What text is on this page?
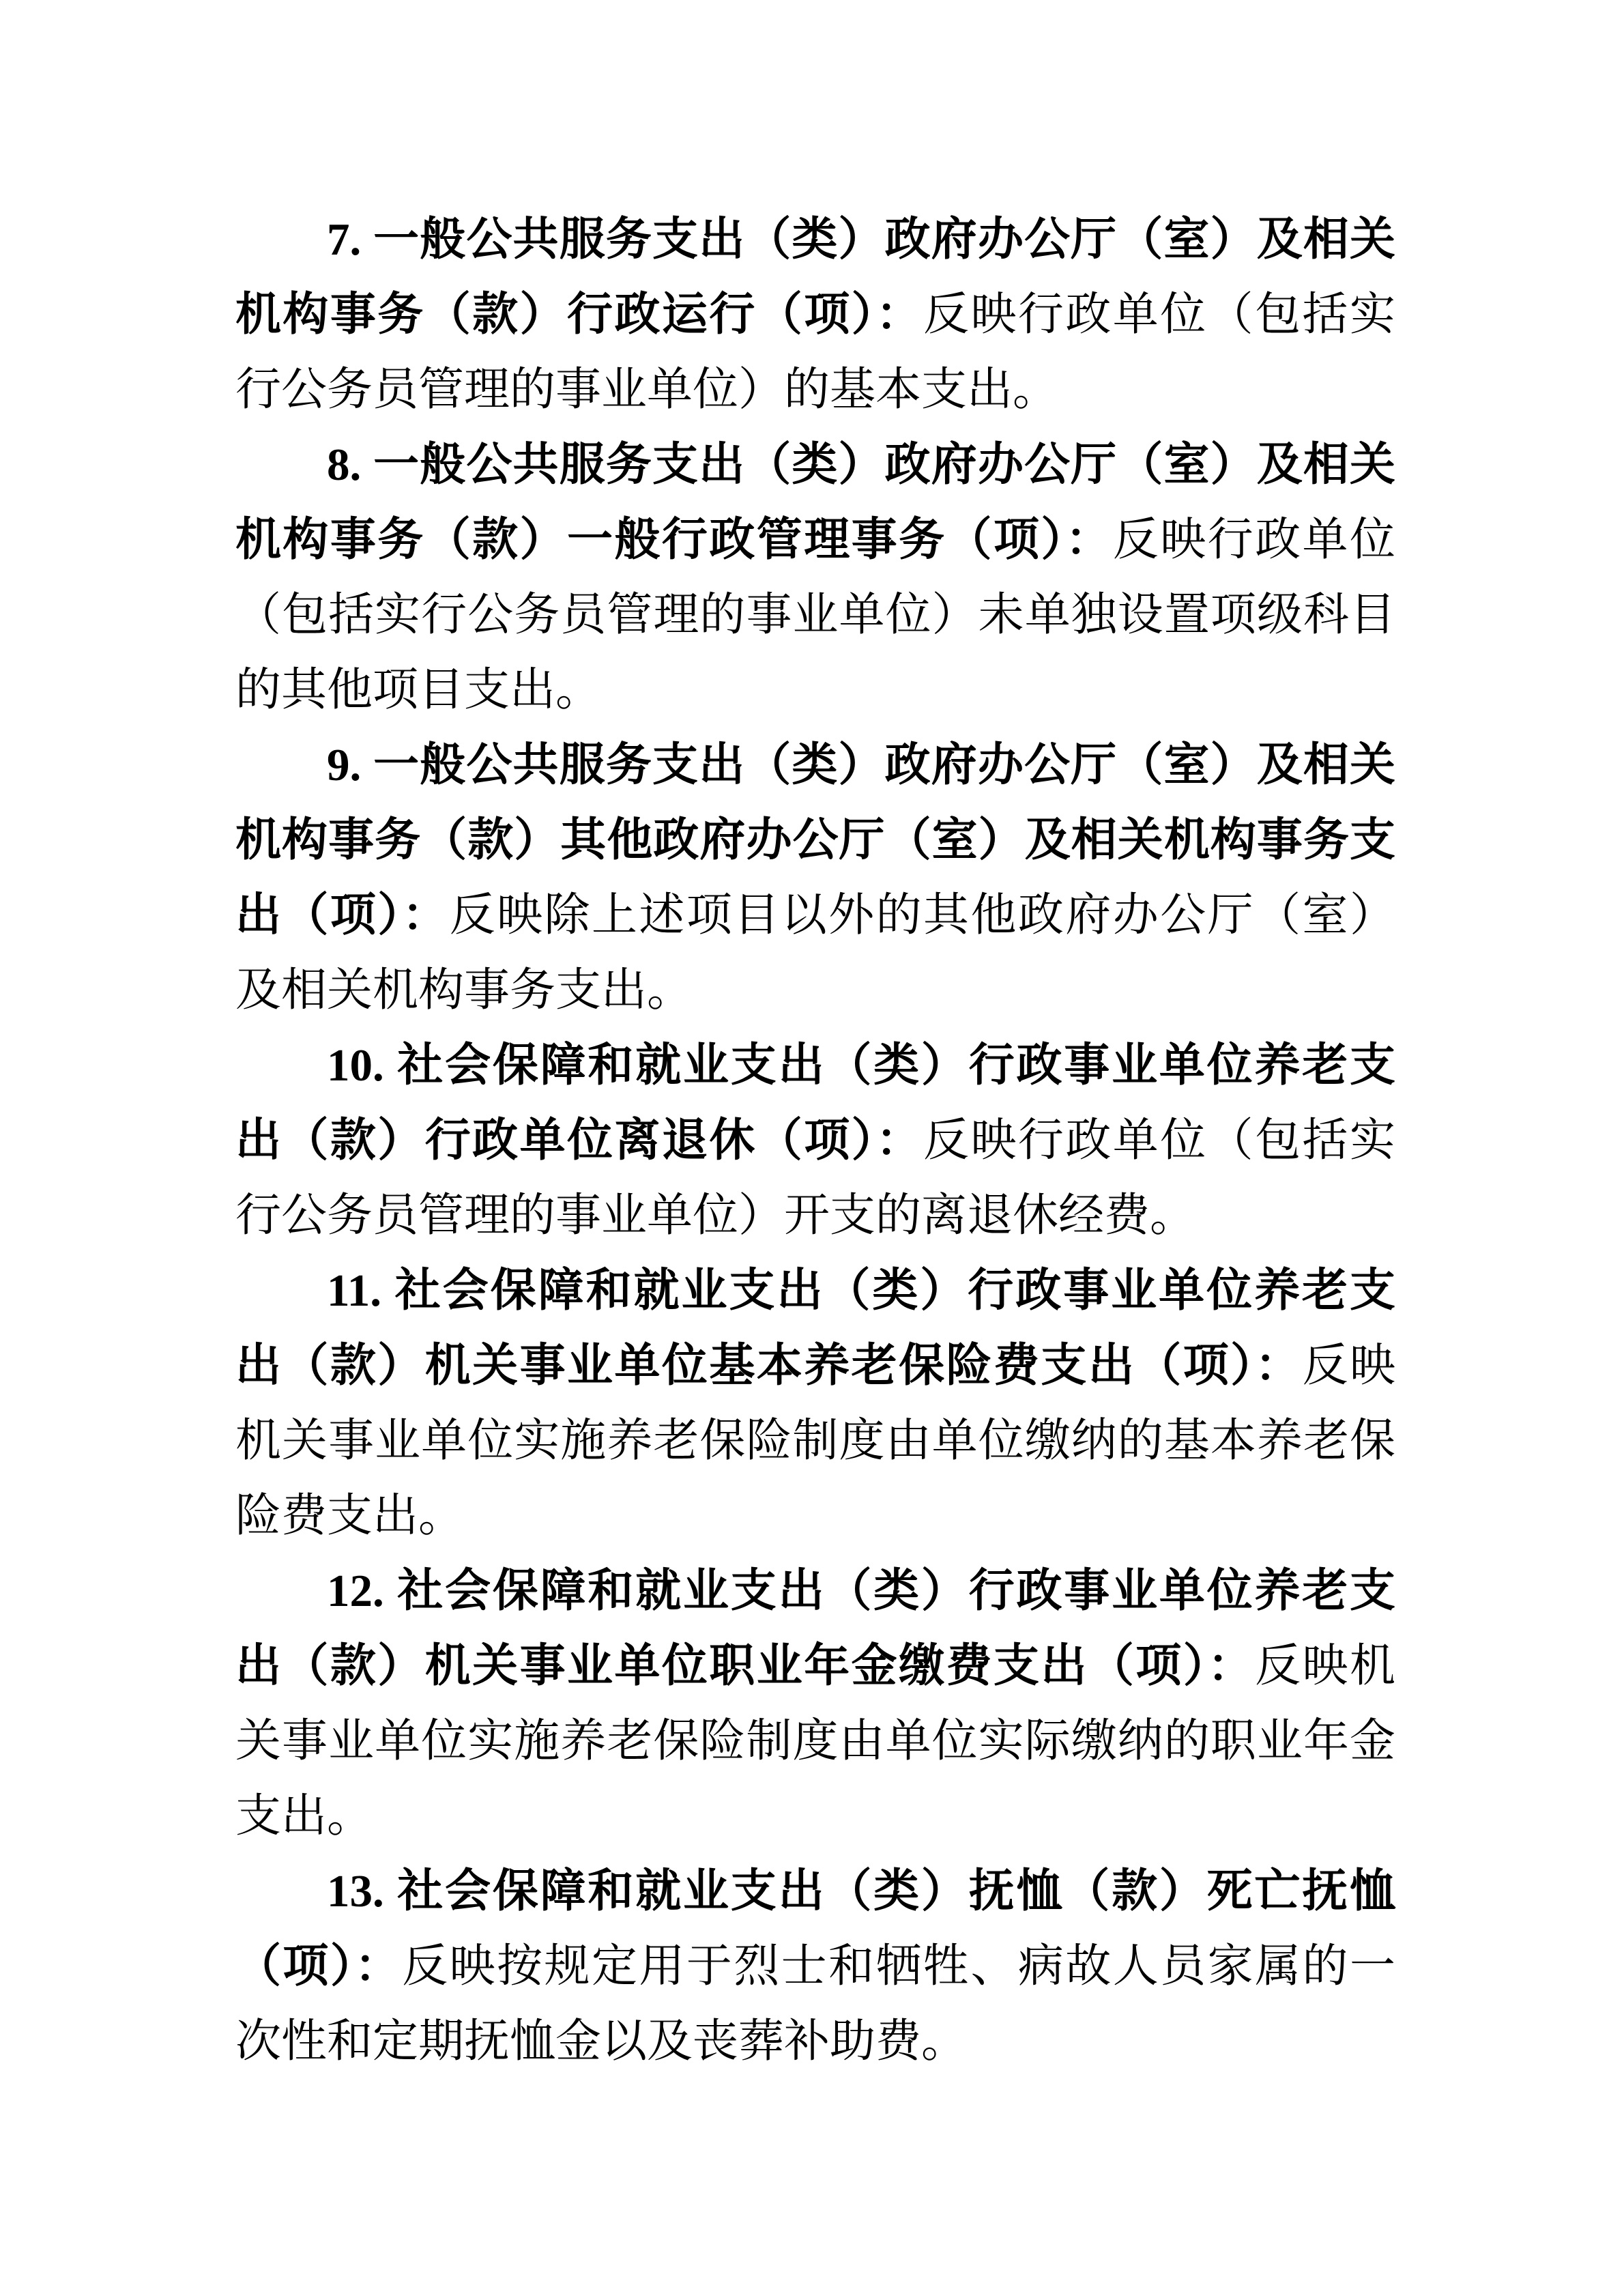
7. 一般公共服务支出（类）政府办公厅（室）及相关机构事务（款）行政运行（项）：反映行政单位（包括实行公务员管理的事业单位）的基本支出。

8. 一般公共服务支出（类）政府办公厅（室）及相关机构事务（款）一般行政管理事务（项）：反映行政单位（包括实行公务员管理的事业单位）未单独设置项级科目的其他项目支出。

9. 一般公共服务支出（类）政府办公厅（室）及相关机构事务（款）其他政府办公厅（室）及相关机构事务支出（项）：反映除上述项目以外的其他政府办公厅（室）及相关机构事务支出。

10. 社会保障和就业支出（类）行政事业单位养老支出（款）行政单位离退休（项）：反映行政单位（包括实行公务员管理的事业单位）开支的离退休经费。

11. 社会保障和就业支出（类）行政事业单位养老支出（款）机关事业单位基本养老保险费支出（项）：反映机关事业单位实施养老保险制度由单位缴纳的基本养老保险费支出。

12. 社会保障和就业支出（类）行政事业单位养老支出（款）机关事业单位职业年金缴费支出（项）：反映机关事业单位实施养老保险制度由单位实际缴纳的职业年金支出。

13. 社会保障和就业支出（类）抚恤（款）死亡抚恤（项）：反映按规定用于烈士和牺牲、病故人员家属的一次性和定期抚恤金以及丧葬补助费。
